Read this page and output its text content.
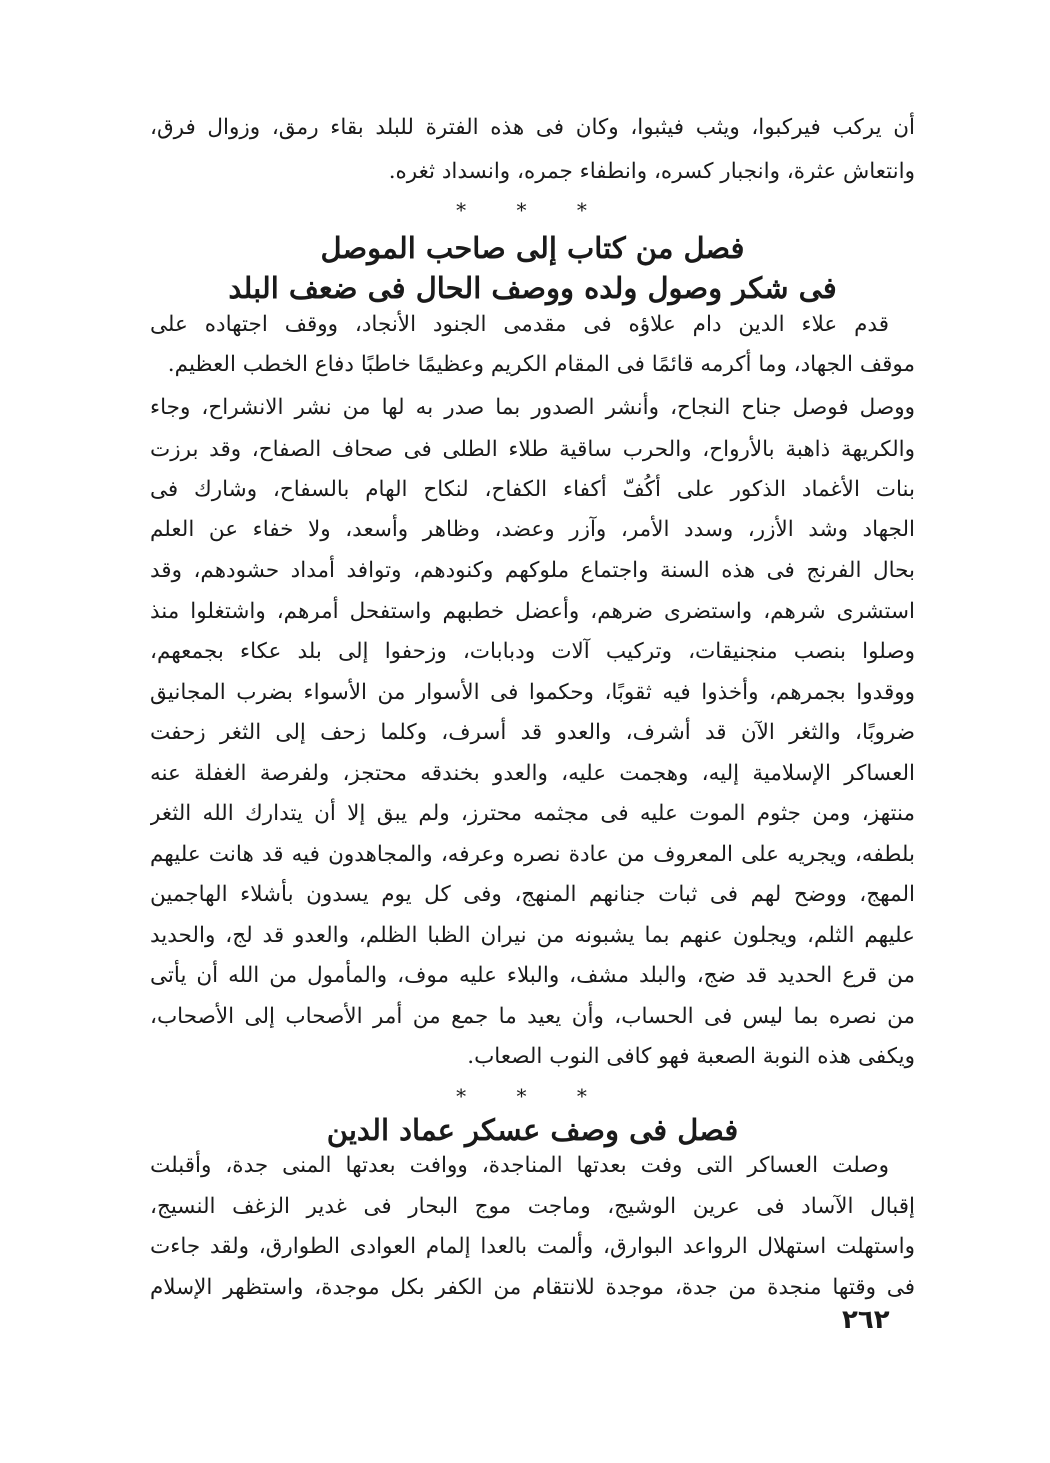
أن يركب فيركبوا، ويثب فيثبوا، وكان فى هذه الفترة للبلد بقاء رمق، وزوال فرق،
وانتعاش عثرة، وانجبار كسره، وانطفاء جمره، وانسداد ثغره.
* * *
فصل من كتاب إلى صاحب الموصل
فى شكر وصول ولده ووصف الحال فى ضعف البلد
قدم علاء الدين دام علاؤه فى مقدمى الجنود الأنجاد، ووقف اجتهاده على
موقف الجهاد، وما أكرمه قائمًا فى المقام الكريم وعظيمًا خاطبًا دفاع الخطب العظيم.
ووصل فوصل جناح النجاح، وأنشر الصدور بما صدر به لها من نشر الانشراح، وجاء
والكريهة ذاهبة بالأرواح، والحرب ساقية طلاء الطلى فى صحاف الصفاح، وقد برزت
بنات الأغماد الذكور على أكُفّ أكفاء الكفاح، لنكاح الهام بالسفاح، وشارك فى
الجهاد وشد الأزر، وسدد الأمر، وآزر وعضد، وظاهر وأسعد، ولا خفاء عن العلم
بحال الفرنج فى هذه السنة واجتماع ملوكهم وكنودهم، وتوافد أمداد حشودهم، وقد
استشرى شرهم، واستضرى ضرهم، وأعضل خطبهم واستفحل أمرهم، واشتغلوا منذ
وصلوا بنصب منجنيقات، وتركيب آلات ودبابات، وزحفوا إلى بلد عكاء بجمعهم،
ووقدوا بجمرهم، وأخذوا فيه ثقوبًا، وحكموا فى الأسوار من الأسواء بضرب المجانيق
ضروبًا، والثغر الآن قد أشرف، والعدو قد أسرف، وكلما زحف إلى الثغر زحفت
العساكر الإسلامية إليه، وهجمت عليه، والعدو بخندقه محتجز، ولفرصة الغفلة عنه
منتهز، ومن جثوم الموت عليه فى مجثمه محترز، ولم يبق إلا أن يتدارك الله الثغر
بلطفه، ويجريه على المعروف من عادة نصره وعرفه، والمجاهدون فيه قد هانت عليهم
المهج، ووضح لهم فى ثبات جنانهم المنهج، وفى كل يوم يسدون بأشلاء الهاجمين
عليهم الثلم، ويجلون عنهم بما يشبونه من نيران الظبا الظلم، والعدو قد لج، والحديد
من قرع الحديد قد ضج، والبلد مشف، والبلاء عليه موف، والمأمول من الله أن يأتى
من نصره بما ليس فى الحساب، وأن يعيد ما جمع من أمر الأصحاب إلى الأصحاب،
ويكفى هذه النوبة الصعبة فهو كافى النوب الصعاب.
* * *
فصل فى وصف عسكر عماد الدين
وصلت العساكر التى وفت بعدتها المناجدة، ووافت بعدتها المنى جدة، وأقبلت
إقبال الآساد فى عرين الوشيج، وماجت موج البحار فى غدير الزغف النسيج،
واستهلت استهلال الرواعد البوارق، وألمت بالعدا إلمام العوادى الطوارق، ولقد جاءت
فى وقتها منجدة من جدة، موجدة للانتقام من الكفر بكل موجدة، واستظهر الإسلام
٢٦٢
